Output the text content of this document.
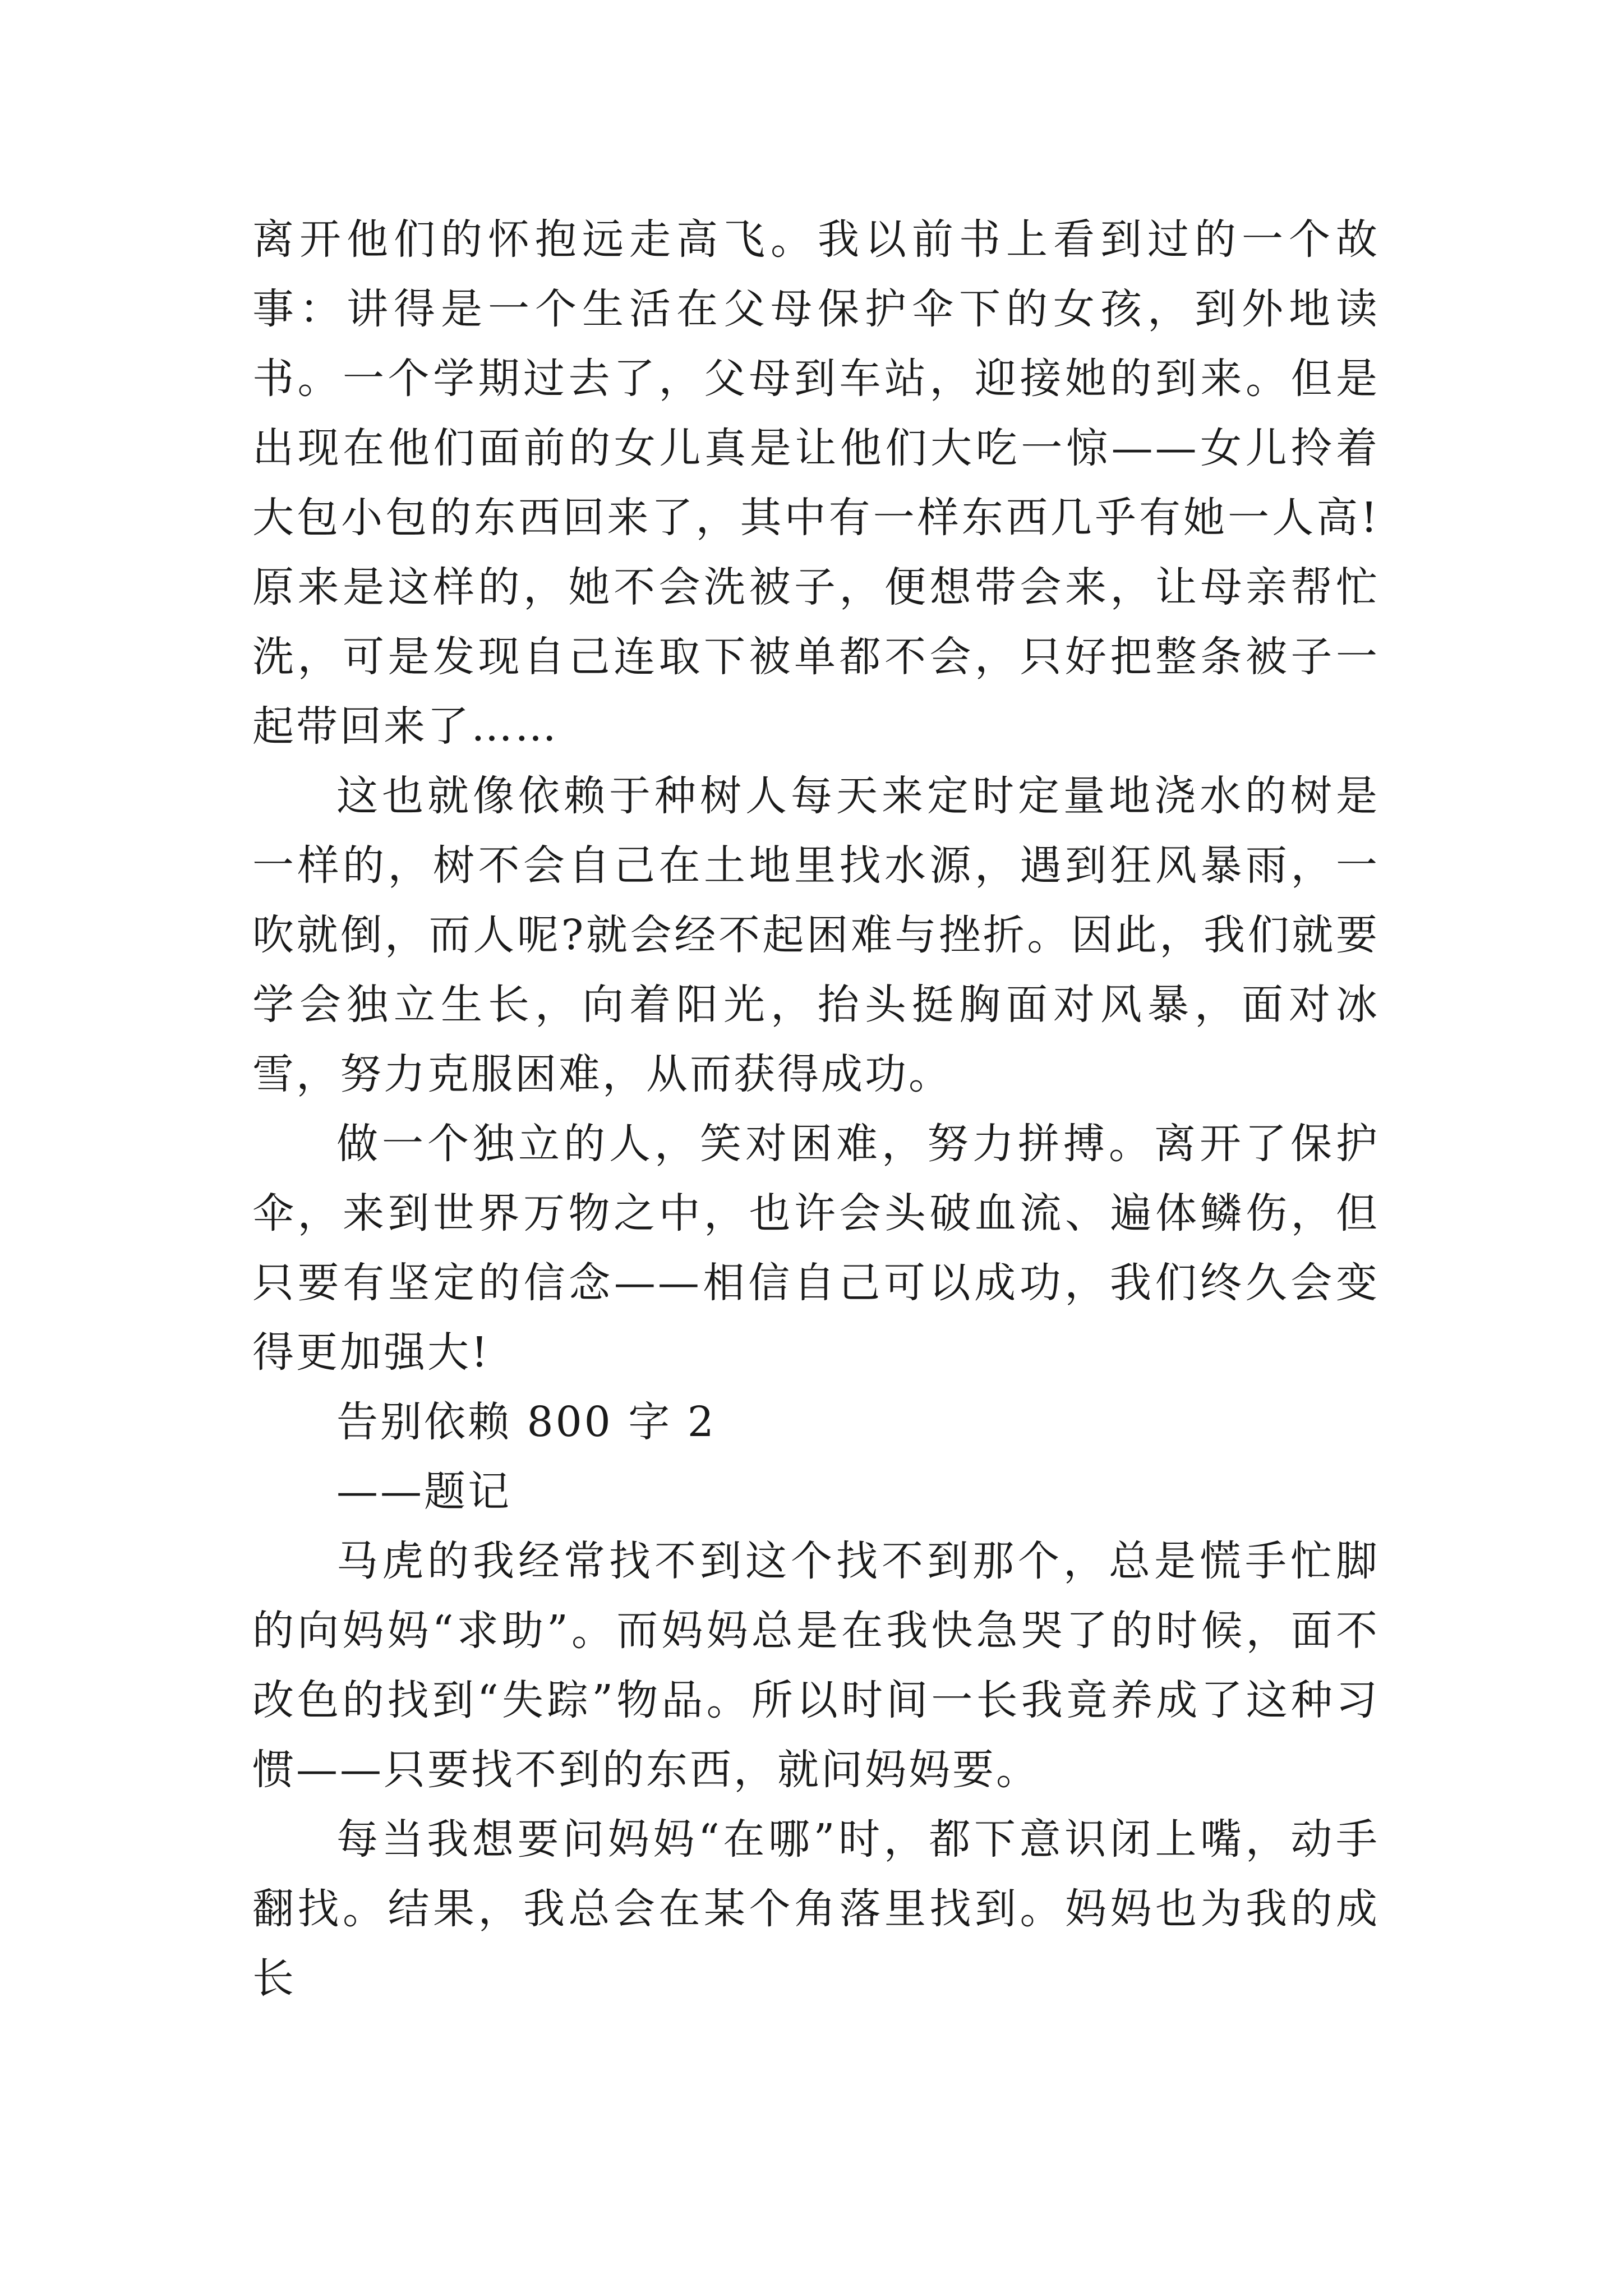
离开他们的怀抱远走高飞。我以前书上看到过的一个故事：讲得是一个生活在父母保护伞下的女孩，到外地读书。一个学期过去了，父母到车站，迎接她的到来。但是出现在他们面前的女儿真是让他们大吃一惊——女儿拎着大包小包的东西回来了，其中有一样东西几乎有她一人高!原来是这样的，她不会洗被子，便想带会来，让母亲帮忙洗，可是发现自己连取下被单都不会，只好把整条被子一起带回来了……

这也就像依赖于种树人每天来定时定量地浇水的树是一样的，树不会自己在土地里找水源，遇到狂风暴雨，一吹就倒，而人呢?就会经不起困难与挫折。因此，我们就要学会独立生长，向着阳光，抬头挺胸面对风暴，面对冰雪，努力克服困难，从而获得成功。

做一个独立的人，笑对困难，努力拼搏。离开了保护伞，来到世界万物之中，也许会头破血流、遍体鳞伤，但只要有坚定的信念——相信自己可以成功，我们终久会变得更加强大!

告别依赖 800 字 2

——题记

马虎的我经常找不到这个找不到那个，总是慌手忙脚的向妈妈“求助”。而妈妈总是在我快急哭了的时候，面不改色的找到“失踪”物品。所以时间一长我竟养成了这种习惯——只要找不到的东西，就问妈妈要。

每当我想要问妈妈“在哪”时，都下意识闭上嘴，动手翻找。结果，我总会在某个角落里找到。妈妈也为我的成长
